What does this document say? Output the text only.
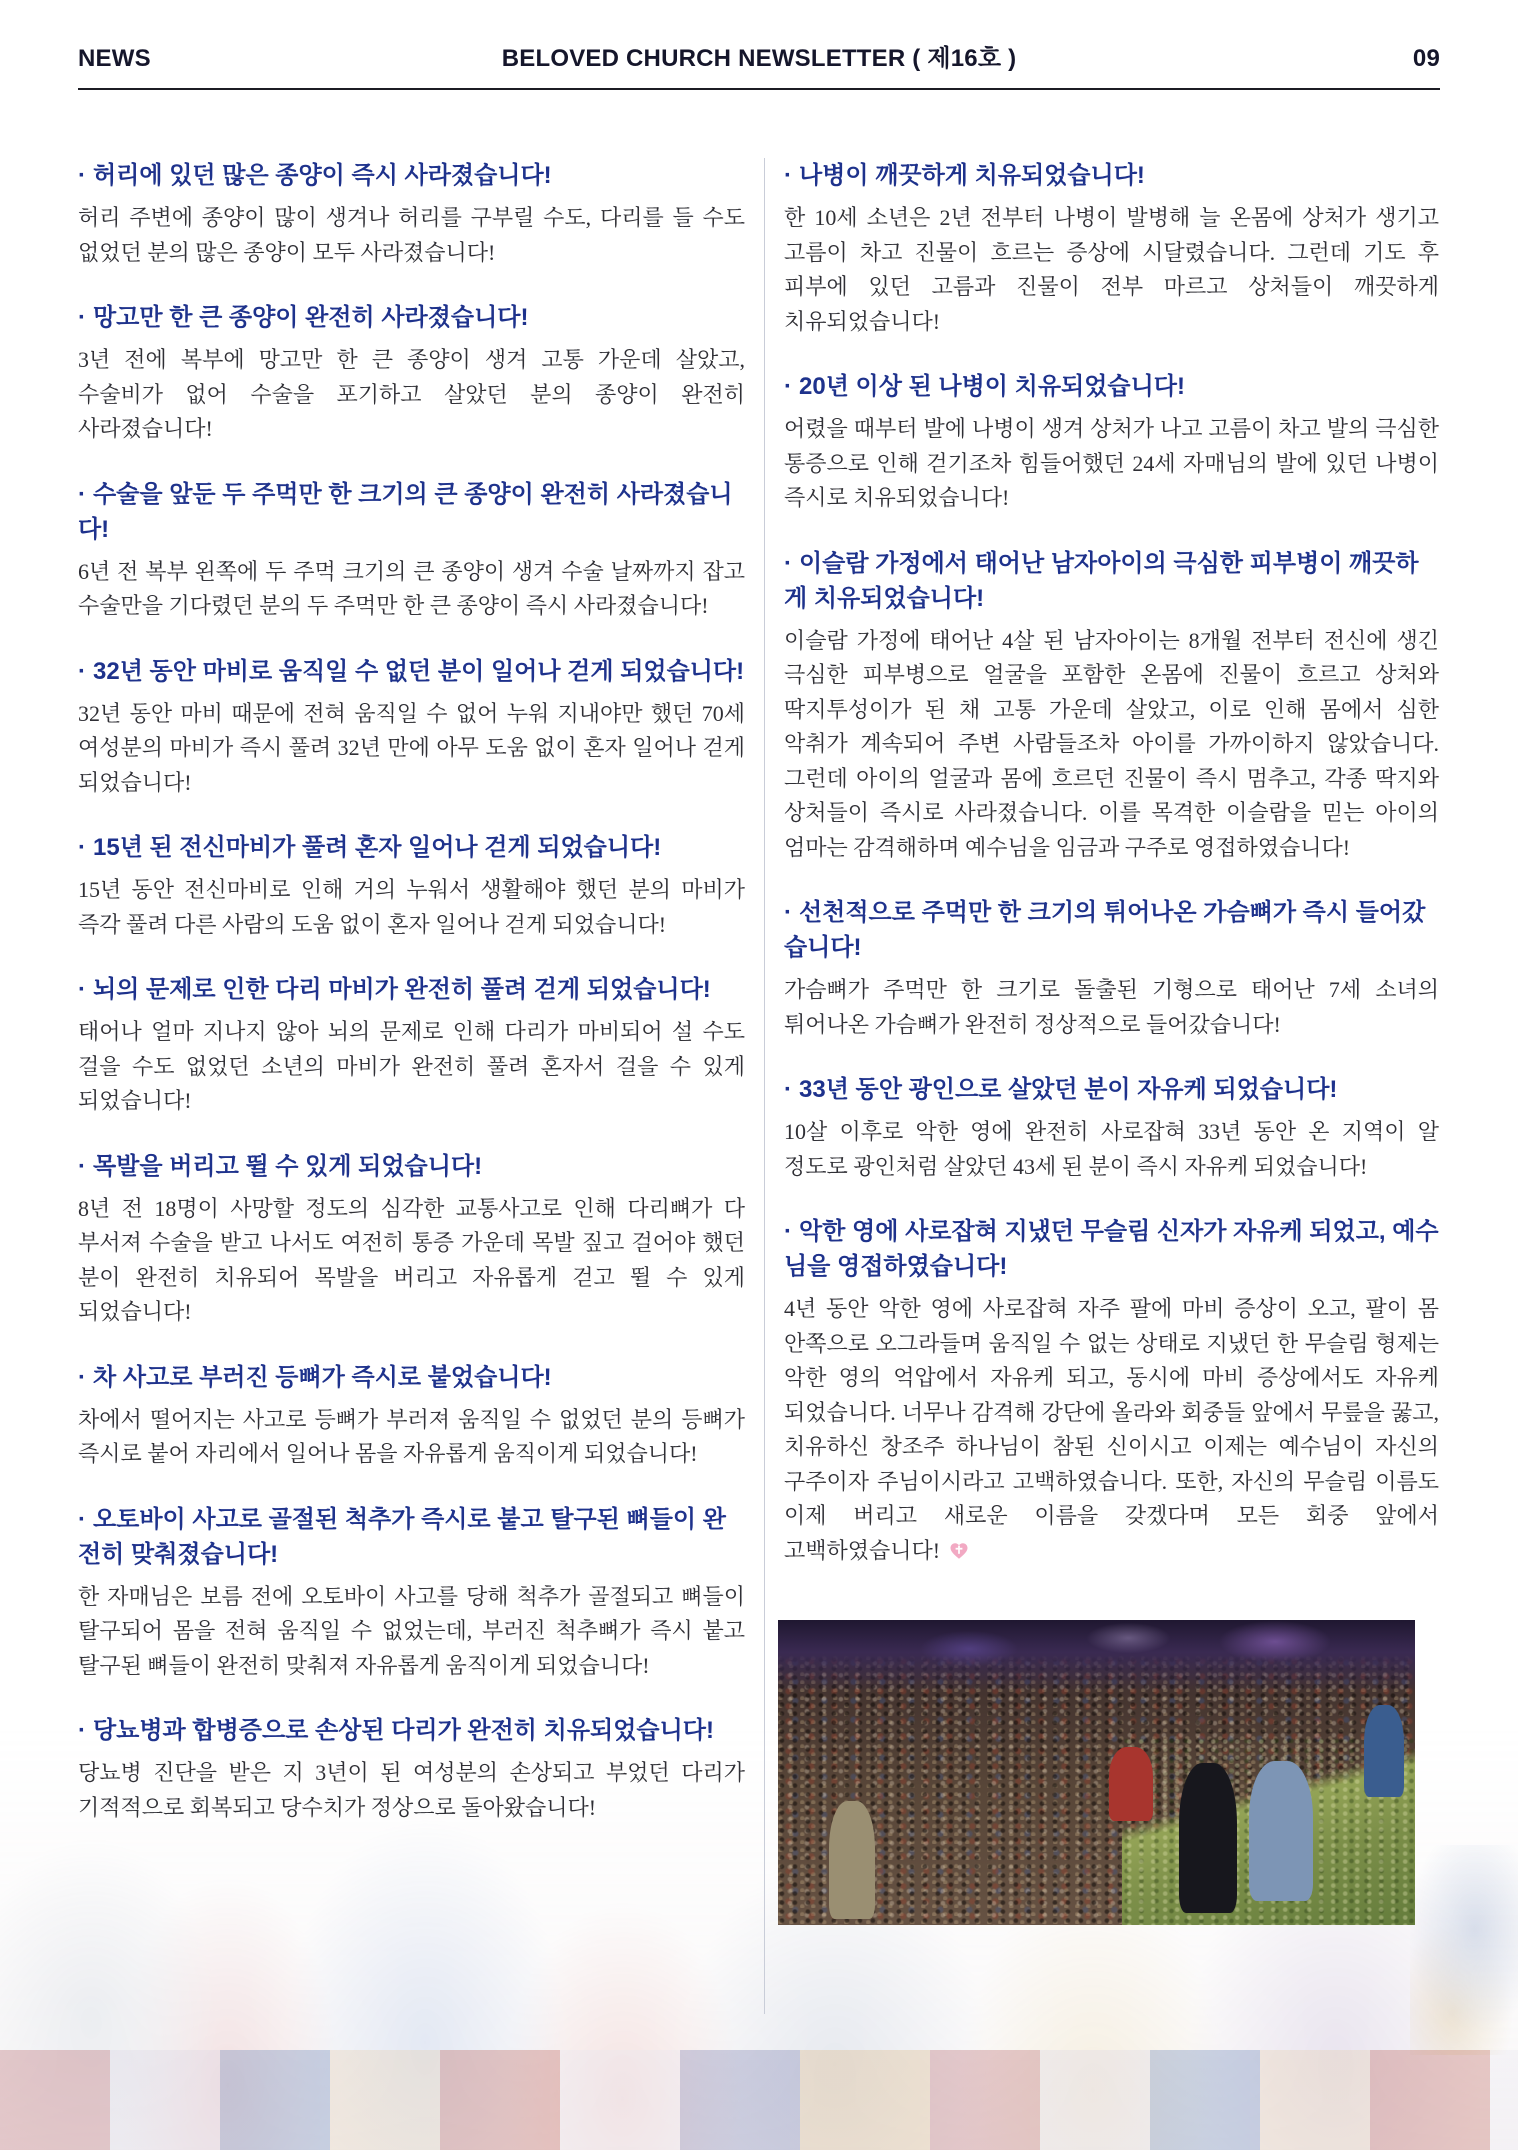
NEWS	BELOVED CHURCH NEWSLETTER ( 제16호 )	09
· 허리에 있던 많은 종양이 즉시 사라졌습니다!

허리 주변에 종양이 많이 생겨나 허리를 구부릴 수도, 다리를 들 수도 없었던 분의 많은 종양이 모두 사라졌습니다!

· 망고만 한 큰 종양이 완전히 사라졌습니다!

3년 전에 복부에 망고만 한 큰 종양이 생겨 고통 가운데 살았고, 수술비가 없어 수술을 포기하고 살았던 분의 종양이 완전히 사라졌습니다!

· 수술을 앞둔 두 주먹만 한 크기의 큰 종양이 완전히 사라졌습니다!

6년 전 복부 왼쪽에 두 주먹 크기의 큰 종양이 생겨 수술 날짜까지 잡고 수술만을 기다렸던 분의 두 주먹만 한 큰 종양이 즉시 사라졌습니다!

· 32년 동안 마비로 움직일 수 없던 분이 일어나 걷게 되었습니다!

32년 동안 마비 때문에 전혀 움직일 수 없어 누워 지내야만 했던 70세 여성분의 마비가 즉시 풀려 32년 만에 아무 도움 없이 혼자 일어나 걷게 되었습니다!

· 15년 된 전신마비가 풀려 혼자 일어나 걷게 되었습니다!

15년 동안 전신마비로 인해 거의 누워서 생활해야 했던 분의 마비가 즉각 풀려 다른 사람의 도움 없이 혼자 일어나 걷게 되었습니다!

· 뇌의 문제로 인한 다리 마비가 완전히 풀려 걷게 되었습니다!

태어나 얼마 지나지 않아 뇌의 문제로 인해 다리가 마비되어 설 수도 걸을 수도 없었던 소년의 마비가 완전히 풀려 혼자서 걸을 수 있게 되었습니다!

· 목발을 버리고 뛸 수 있게 되었습니다!

8년 전 18명이 사망할 정도의 심각한 교통사고로 인해 다리뼈가 다 부서져 수술을 받고 나서도 여전히 통증 가운데 목발 짚고 걸어야 했던 분이 완전히 치유되어 목발을 버리고 자유롭게 걷고 뛸 수 있게 되었습니다!

· 차 사고로 부러진 등뼈가 즉시로 붙었습니다!

차에서 떨어지는 사고로 등뼈가 부러져 움직일 수 없었던 분의 등뼈가 즉시로 붙어 자리에서 일어나 몸을 자유롭게 움직이게 되었습니다!

· 오토바이 사고로 골절된 척추가 즉시로 붙고 탈구된 뼈들이 완전히 맞춰졌습니다!

한 자매님은 보름 전에 오토바이 사고를 당해 척추가 골절되고 뼈들이 탈구되어 몸을 전혀 움직일 수 없었는데, 부러진 척추뼈가 즉시 붙고 탈구된 뼈들이 완전히 맞춰져 자유롭게 움직이게 되었습니다!

· 당뇨병과 합병증으로 손상된 다리가 완전히 치유되었습니다!

당뇨병 진단을 받은 지 3년이 된 여성분의 손상되고 부었던 다리가 기적적으로 회복되고 당수치가 정상으로 돌아왔습니다!

· 나병이 깨끗하게 치유되었습니다!

한 10세 소년은 2년 전부터 나병이 발병해 늘 온몸에 상처가 생기고 고름이 차고 진물이 흐르는 증상에 시달렸습니다. 그런데 기도 후 피부에 있던 고름과 진물이 전부 마르고 상처들이 깨끗하게 치유되었습니다!

· 20년 이상 된 나병이 치유되었습니다!

어렸을 때부터 발에 나병이 생겨 상처가 나고 고름이 차고 발의 극심한 통증으로 인해 걷기조차 힘들어했던 24세 자매님의 발에 있던 나병이 즉시로 치유되었습니다!

· 이슬람 가정에서 태어난 남자아이의 극심한 피부병이 깨끗하게 치유되었습니다!

이슬람 가정에 태어난 4살 된 남자아이는 8개월 전부터 전신에 생긴 극심한 피부병으로 얼굴을 포함한 온몸에 진물이 흐르고 상처와 딱지투성이가 된 채 고통 가운데 살았고, 이로 인해 몸에서 심한 악취가 계속되어 주변 사람들조차 아이를 가까이하지 않았습니다. 그런데 아이의 얼굴과 몸에 흐르던 진물이 즉시 멈추고, 각종 딱지와 상처들이 즉시로 사라졌습니다. 이를 목격한 이슬람을 믿는 아이의 엄마는 감격해하며 예수님을 임금과 구주로 영접하였습니다!

· 선천적으로 주먹만 한 크기의 튀어나온 가슴뼈가 즉시 들어갔습니다!

가슴뼈가 주먹만 한 크기로 돌출된 기형으로 태어난 7세 소녀의 튀어나온 가슴뼈가 완전히 정상적으로 들어갔습니다!

· 33년 동안 광인으로 살았던 분이 자유케 되었습니다!

10살 이후로 악한 영에 완전히 사로잡혀 33년 동안 온 지역이 알 정도로 광인처럼 살았던 43세 된 분이 즉시 자유케 되었습니다!

· 악한 영에 사로잡혀 지냈던 무슬림 신자가 자유케 되었고, 예수님을 영접하였습니다!

4년 동안 악한 영에 사로잡혀 자주 팔에 마비 증상이 오고, 팔이 몸 안쪽으로 오그라들며 움직일 수 없는 상태로 지냈던 한 무슬림 형제는 악한 영의 억압에서 자유케 되고, 동시에 마비 증상에서도 자유케 되었습니다. 너무나 감격해 강단에 올라와 회중들 앞에서 무릎을 꿇고, 치유하신 창조주 하나님이 참된 신이시고 이제는 예수님이 자신의 구주이자 주님이시라고 고백하였습니다. 또한, 자신의 무슬림 이름도 이제 버리고 새로운 이름을 갖겠다며 모든 회중 앞에서 고백하였습니다!
